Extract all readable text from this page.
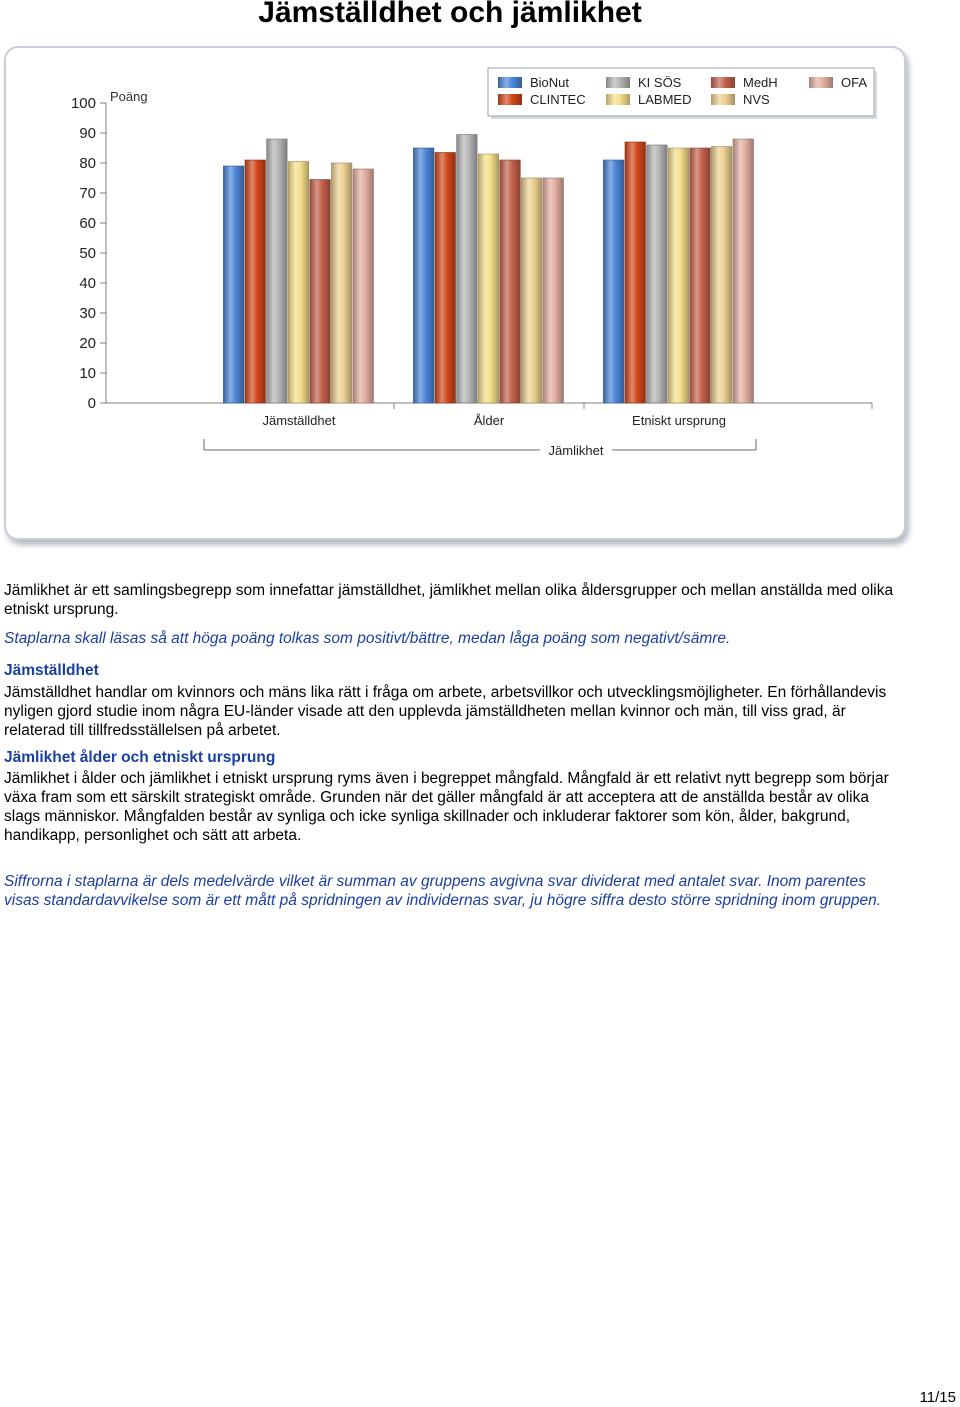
Jämställdhet och jämlikhet
0
10
20
30
40
50
60
70
80
90
100 Poäng
Jämställdhet	Ålder	Etniskt ursprung
Jämlikhet
BioNut
CLINTEC
KI SÖS
LABMED
MedH
NVS
OFA

Jämlikhet är ett samlingsbegrepp som innefattar jämställdhet, jämlikhet mellan olika åldersgrupper och mellan anställda med olika etniskt ursprung.

Staplarna skall läsas så att höga poäng tolkas som positivt/bättre, medan låga poäng som negativt/sämre.

Jämställdhet

Jämställdhet handlar om kvinnors och mäns lika rätt i fråga om arbete, arbetsvillkor och utvecklingsmöjligheter. En förhållandevis nyligen gjord studie inom några EU-länder visade att den upplevda jämställdheten mellan kvinnor och män, till viss grad, är relaterad till tillfredsställelsen på arbetet.

Jämlikhet ålder och etniskt ursprung

Jämlikhet i ålder och jämlikhet i etniskt ursprung ryms även i begreppet mångfald. Mångfald är ett relativt nytt begrepp som börjar växa fram som ett särskilt strategiskt område. Grunden när det gäller mångfald är att acceptera att de anställda består av olika slags människor. Mångfalden består av synliga och icke synliga skillnader och inkluderar faktorer som kön, ålder, bakgrund, handikapp, personlighet och sätt att arbeta.

Siffrorna i staplarna är dels medelvärde vilket är summan av gruppens avgivna svar dividerat med antalet svar. Inom parentes visas standardavvikelse som är ett mått på spridningen av individernas svar, ju högre siffra desto större spridning inom gruppen.

11/15
